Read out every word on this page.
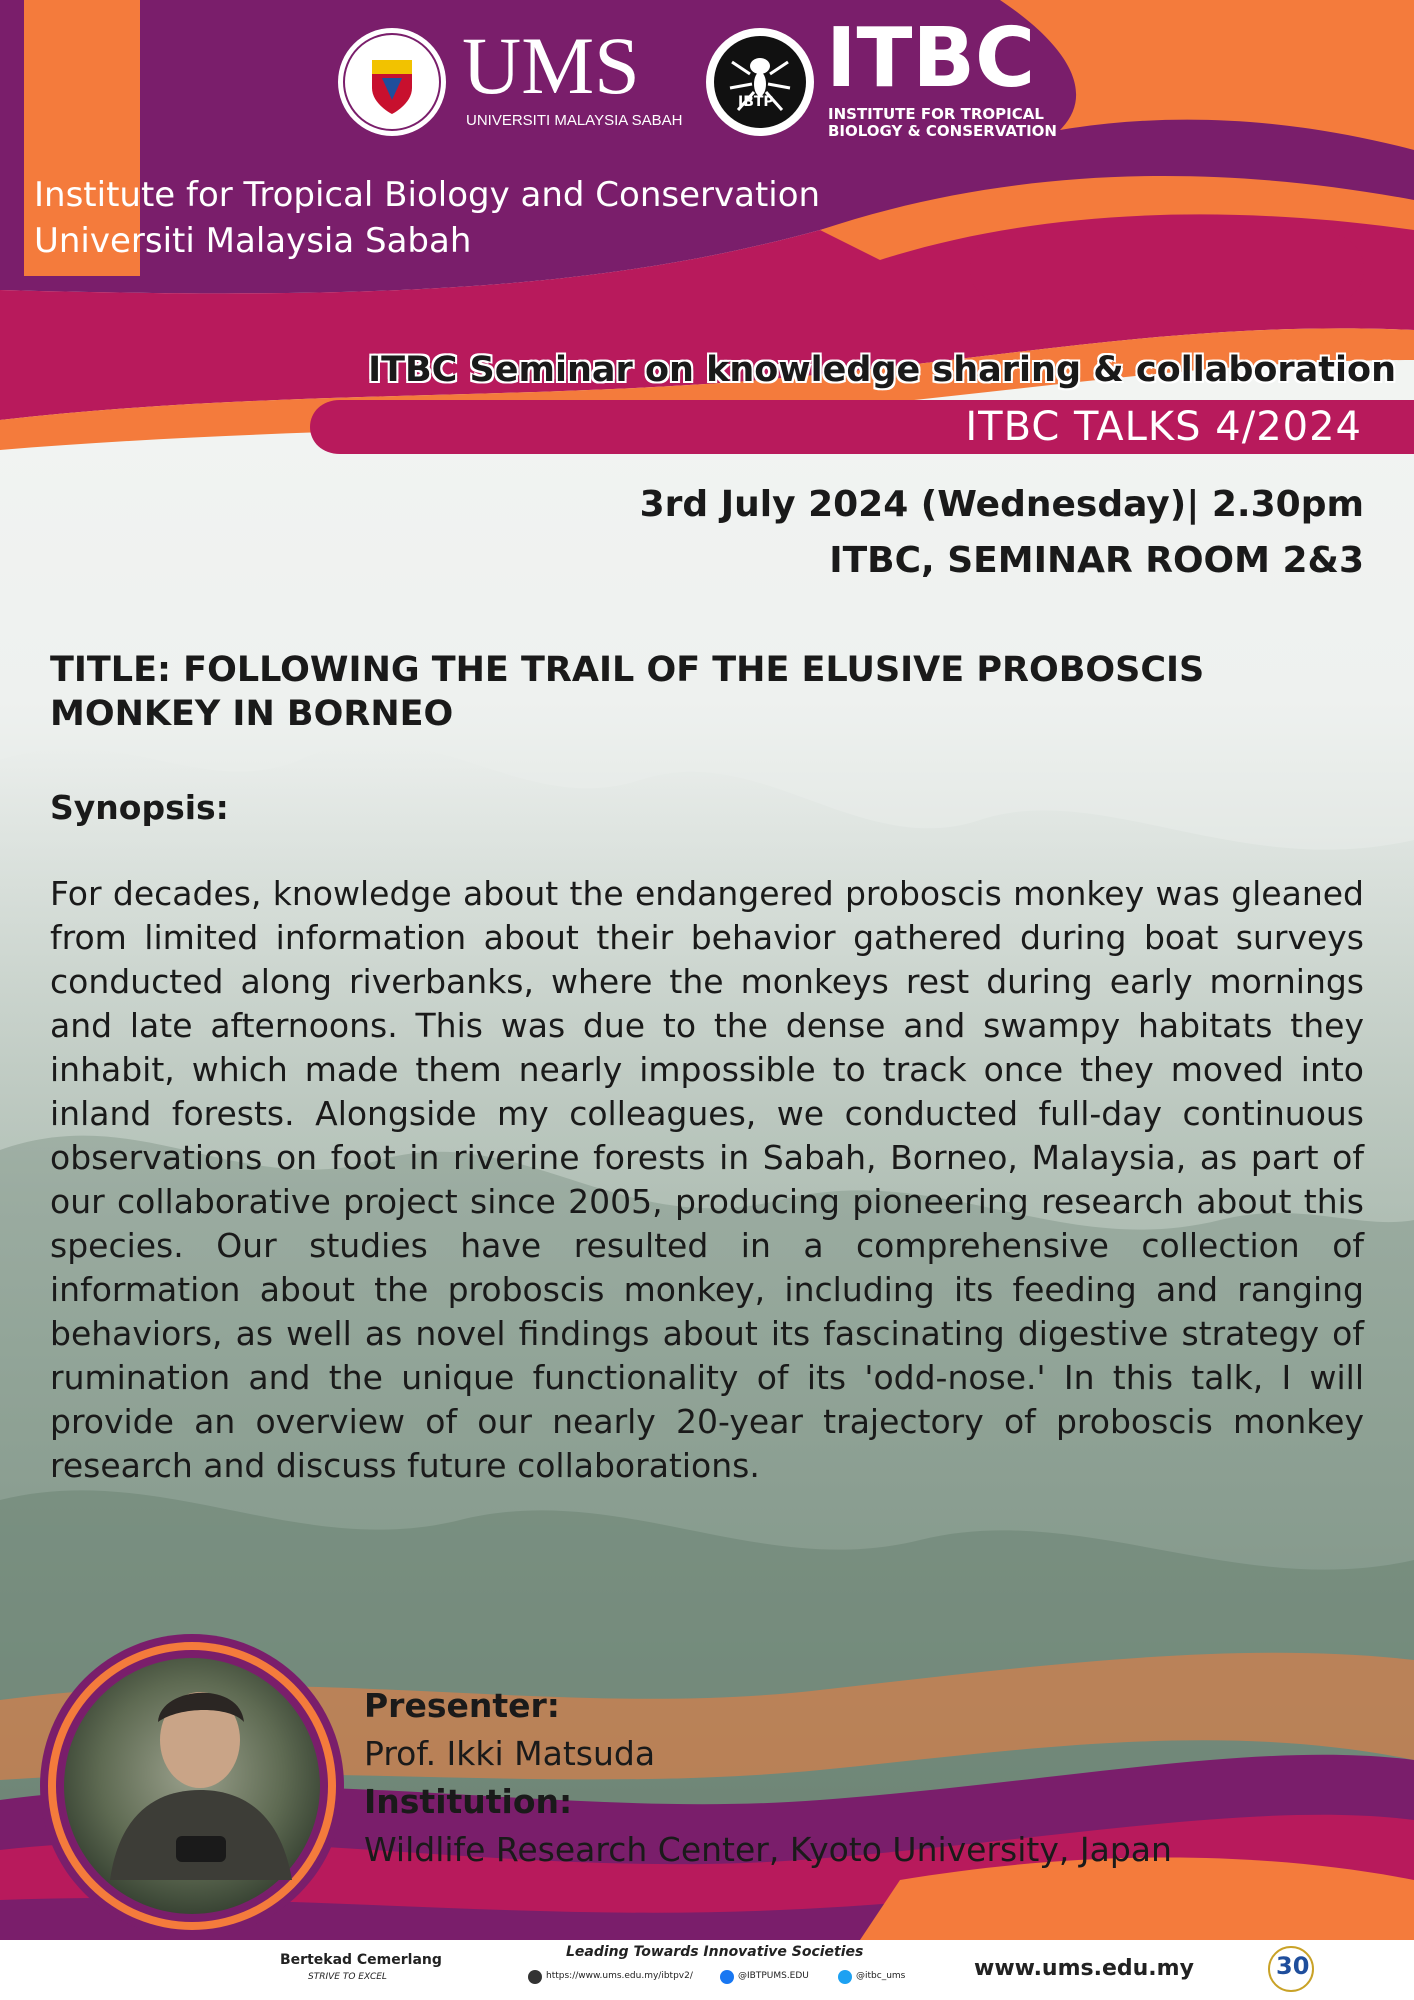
UMS
UNIVERSITI MALAYSIA SABAH
IBTP ITBC
INSTITUTE FOR TROPICAL
BIOLOGY & CONSERVATION
Institute for Tropical Biology and Conservation
Universiti Malaysia Sabah
ITBC Seminar on knowledge sharing & collaboration
ITBC TALKS 4/2024
3rd July 2024 (Wednesday)| 2.30pm
ITBC, SEMINAR ROOM 2&3
TITLE: FOLLOWING THE TRAIL OF THE ELUSIVE PROBOSCIS
MONKEY IN BORNEO
Synopsis:
For decades, knowledge about the endangered proboscis monkey was gleaned from limited information about their behavior gathered during boat surveys conducted along riverbanks, where the monkeys rest during early mornings and late afternoons. This was due to the dense and swampy habitats they inhabit, which made them nearly impossible to track once they moved into inland forests. Alongside my colleagues, we conducted full-day continuous observations on foot in riverine forests in Sabah, Borneo, Malaysia, as part of our collaborative project since 2005, producing pioneering research about this species. Our studies have resulted in a comprehensive collection of information about the proboscis monkey, including its feeding and ranging behaviors, as well as novel findings about its fascinating digestive strategy of rumination and the unique functionality of its 'odd-nose.' In this talk, I will provide an overview of our nearly 20-year trajectory of proboscis monkey research and discuss future collaborations.
Presenter:
Prof. Ikki Matsuda
Institution:
Wildlife Research Center, Kyoto University, Japan
Bertekad Cemerlang
STRIVE TO EXCEL
Leading Towards Innovative Societies
https://www.ums.edu.my/ibtpv2/	@IBTPUMS.EDU	@itbc_ums	www.ums.edu.my	30
